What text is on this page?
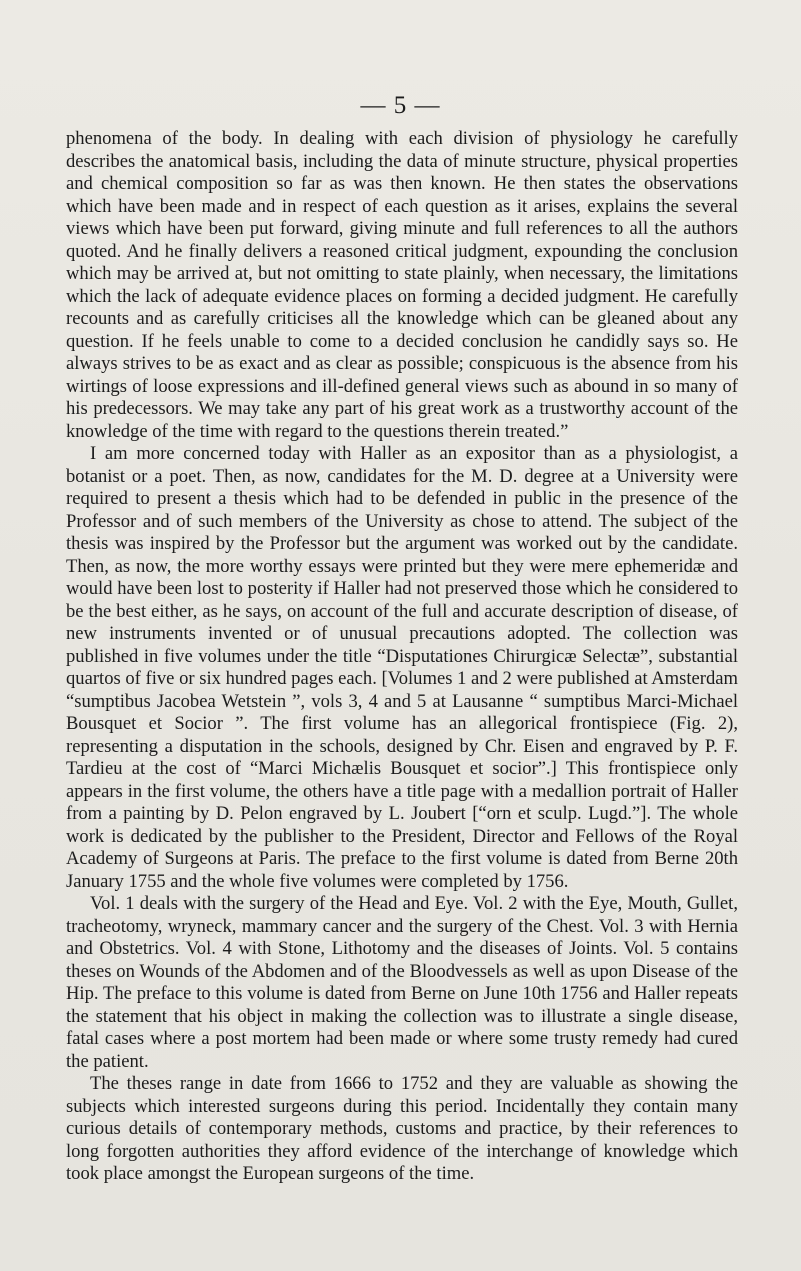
— 5 —

phenomena of the body. In dealing with each division of physiology he carefully describes the anatomical basis, including the data of minute structure, physical properties and chemical composition so far as was then known. He then states the observations which have been made and in respect of each question as it arises, explains the several views which have been put forward, giving minute and full references to all the authors quoted. And he finally delivers a reasoned critical judgment, expounding the conclusion which may be arrived at, but not omitting to state plainly, when necessary, the limitations which the lack of adequate evidence places on forming a decided judgment. He carefully recounts and as carefully criticises all the knowledge which can be gleaned about any question. If he feels unable to come to a decided conclusion he candidly says so. He always strives to be as exact and as clear as possible; conspicuous is the absence from his wirtings of loose expressions and ill-defined general views such as abound in so many of his predecessors. We may take any part of his great work as a trustworthy account of the knowledge of the time with regard to the questions therein treated.”

I am more concerned today with Haller as an expositor than as a physiologist, a botanist or a poet. Then, as now, candidates for the M. D. degree at a University were required to present a thesis which had to be defended in public in the presence of the Professor and of such members of the University as chose to attend. The subject of the thesis was inspired by the Professor but the argument was worked out by the candidate. Then, as now, the more worthy essays were printed but they were mere ephemeridæ and would have been lost to posterity if Haller had not preserved those which he considered to be the best either, as he says, on account of the full and accurate description of disease, of new instruments invented or of unusual precautions adopted. The collection was published in five volumes under the title “Disputationes Chirurgicæ Selectæ”, substantial quartos of five or six hundred pages each. [Volumes 1 and 2 were published at Amsterdam “sumptibus Jacobea Wetstein ”, vols 3, 4 and 5 at Lausanne “ sumptibus Marci-Michael Bousquet et Socior ”. The first volume has an allegorical frontispiece (Fig. 2), representing a disputation in the schools, designed by Chr. Eisen and engraved by P. F. Tardieu at the cost of “Marci Michælis Bousquet et socior”.] This frontispiece only appears in the first volume, the others have a title page with a medallion portrait of Haller from a painting by D. Pelon engraved by L. Joubert [“orn et sculp. Lugd.”]. The whole work is dedicated by the publisher to the President, Director and Fellows of the Royal Academy of Surgeons at Paris. The preface to the first volume is dated from Berne 20th January 1755 and the whole five volumes were completed by 1756.

Vol. 1 deals with the surgery of the Head and Eye. Vol. 2 with the Eye, Mouth, Gullet, tracheotomy, wryneck, mammary cancer and the surgery of the Chest. Vol. 3 with Hernia and Obstetrics. Vol. 4 with Stone, Lithotomy and the diseases of Joints. Vol. 5 contains theses on Wounds of the Abdomen and of the Bloodvessels as well as upon Disease of the Hip. The preface to this volume is dated from Berne on June 10th 1756 and Haller repeats the statement that his object in making the collection was to illustrate a single disease, fatal cases where a post mortem had been made or where some trusty remedy had cured the patient.

The theses range in date from 1666 to 1752 and they are valuable as showing the subjects which interested surgeons during this period. Incidentally they contain many curious details of contemporary methods, customs and practice, by their references to long forgotten authorities they afford evidence of the interchange of knowledge which took place amongst the European surgeons of the time.
